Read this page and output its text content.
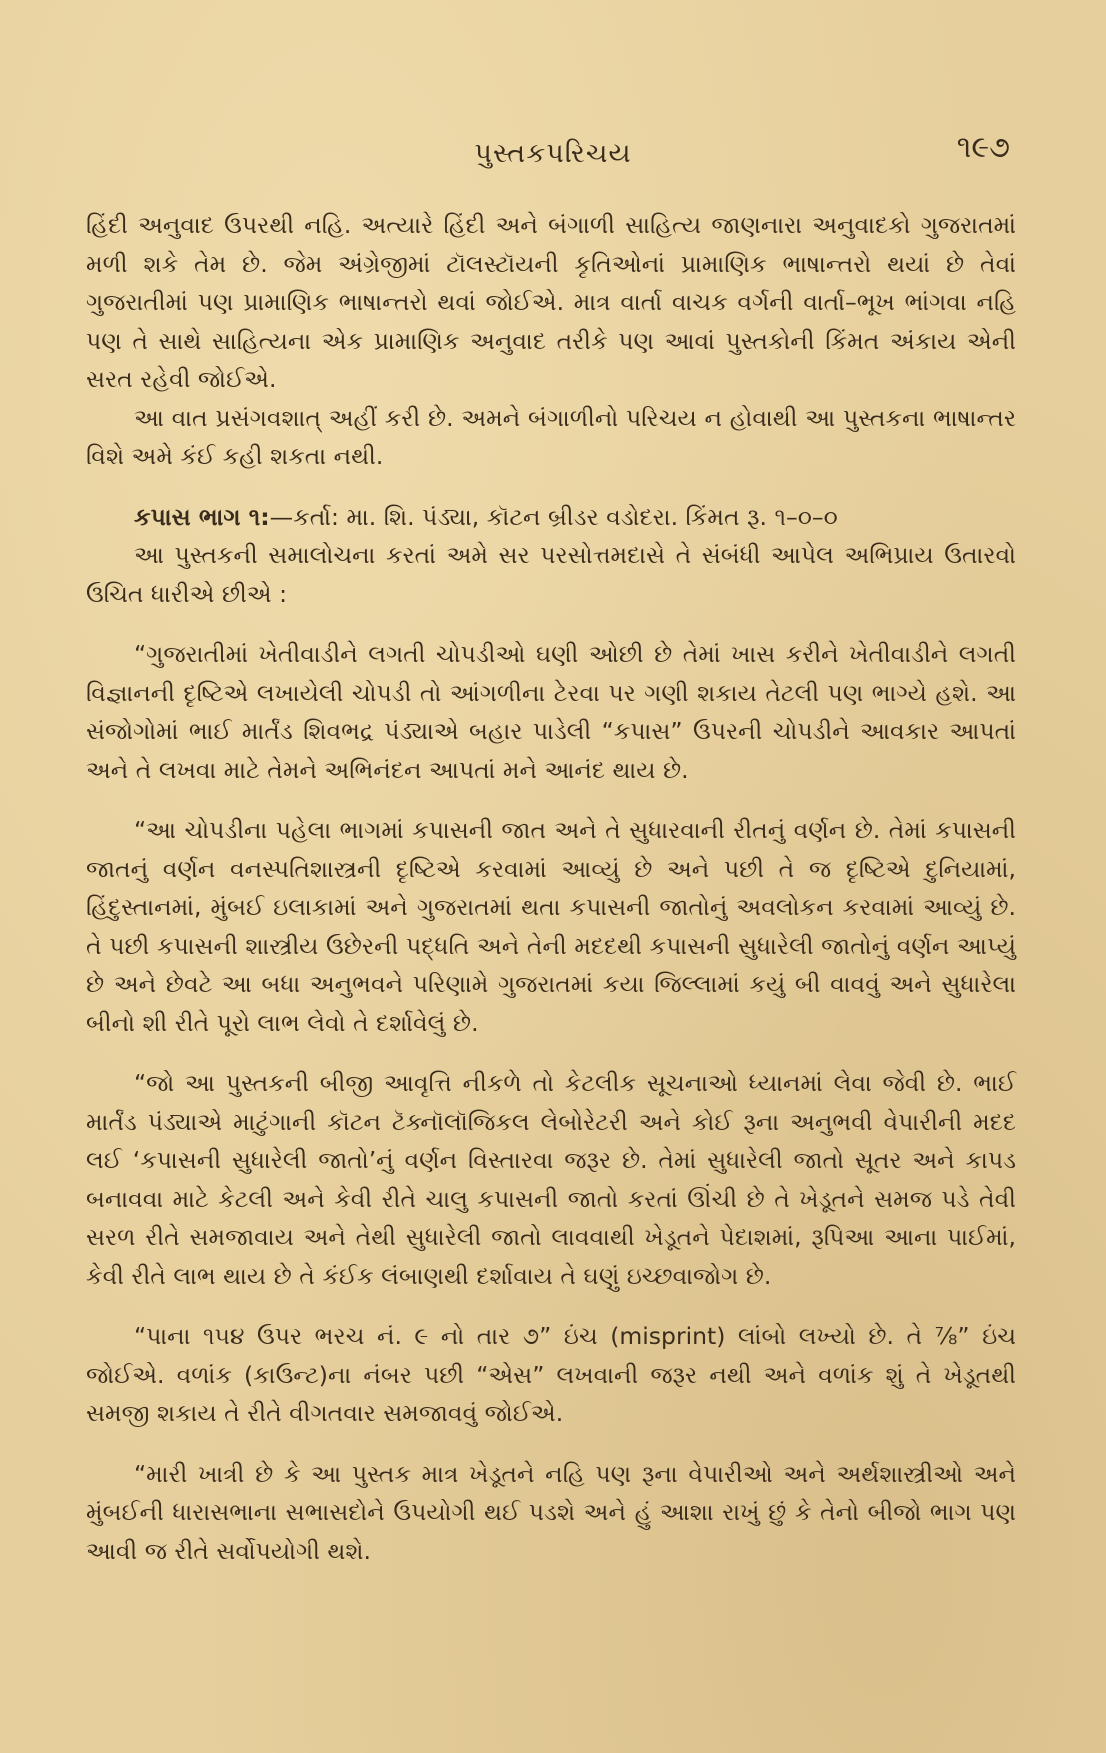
પુસ્તકપરિચય	૧૯૭

હિંદી અનુવાદ ઉપરથી નહિ. અત્યારે હિંદી અને બંગાળી સાહિત્ય જાણનારા અનુવાદકો ગુજરાતમાં મળી શકે તેમ છે. જેમ અંગ્રેજીમાં ટૉલસ્ટૉયની કૃતિઓનાં પ્રામાણિક ભાષાન્તરો થયાં છે તેવાં ગુજરાતીમાં પણ પ્રામાણિક ભાષાન્તરો થવાં જોઈએ. માત્ર વાર્તા વાચક વર્ગની વાર્તા–ભૂખ ભાંગવા નહિ પણ તે સાથે સાહિત્યના એક પ્રામાણિક અનુવાદ તરીકે પણ આવાં પુસ્તકોની કિંમત અંકાય એની સરત રહેવી જોઈએ.

આ વાત પ્રસંગવશાત્ અહીં કરી છે. અમને બંગાળીનો પરિચય ન હોવાથી આ પુસ્તકના ભાષાન્તર વિશે અમે કંઈ કહી શકતા નથી.

કપાસ ભાગ ૧:—કર્તા: મા. શિ. પંડ્યા, કૉટન બ્રીડર વડોદરા. કિંમત રૂ. ૧–૦–૦

આ પુસ્તકની સમાલોચના કરતાં અમે સર પરસોત્તમદાસે તે સંબંધી આપેલ અભિપ્રાય ઉતારવો ઉચિત ધારીએ છીએ :

“ગુજરાતીમાં ખેતીવાડીને લગતી ચોપડીઓ ઘણી ઓછી છે તેમાં ખાસ કરીને ખેતીવાડીને લગતી વિજ્ઞાનની દૃષ્ટિએ લખાયેલી ચોપડી તો આંગળીના ટેરવા પર ગણી શકાય તેટલી પણ ભાગ્યે હશે. આ સંજોગોમાં ભાઈ માર્તંડ શિવભદ્ર પંડ્યાએ બહાર પાડેલી “કપાસ” ઉપરની ચોપડીને આવકાર આપતાં અને તે લખવા માટે તેમને અભિનંદન આપતાં મને આનંદ થાય છે.

“આ ચોપડીના પહેલા ભાગમાં કપાસની જાત અને તે સુધારવાની રીતનું વર્ણન છે. તેમાં કપાસની જાતનું વર્ણન વનસ્પતિશાસ્ત્રની દૃષ્ટિએ કરવામાં આવ્યું છે અને પછી તે જ દૃષ્ટિએ દુનિયામાં, હિંદુસ્તાનમાં, મુંબઈ ઇલાકામાં અને ગુજરાતમાં થતા કપાસની જાતોનું અવલોકન કરવામાં આવ્યું છે. તે પછી કપાસની શાસ્ત્રીય ઉછેરની પદ્ધતિ અને તેની મદદથી કપાસની સુધારેલી જાતોનું વર્ણન આપ્યું છે અને છેવટે આ બધા અનુભવને પરિણામે ગુજરાતમાં કયા જિલ્લામાં કયું બી વાવવું અને સુધારેલા બીનો શી રીતે પૂરો લાભ લેવો તે દર્શાવેલું છે.

“જો આ પુસ્તકની બીજી આવૃત્તિ નીકળે તો કેટલીક સૂચનાઓ ધ્યાનમાં લેવા જેવી છે. ભાઈ માર્તંડ પંડ્યાએ માટુંગાની કૉટન ટૅક્નૉલૉજિકલ લેબોરેટરી અને કોઈ રૂના અનુભવી વેપારીની મદદ લઈ ‘કપાસની સુધારેલી જાતો’નું વર્ણન વિસ્તારવા જરૂર છે. તેમાં સુધારેલી જાતો સૂતર અને કાપડ બનાવવા માટે કેટલી અને કેવી રીતે ચાલુ કપાસની જાતો કરતાં ઊંચી છે તે ખેડૂતને સમજ પડે તેવી સરળ રીતે સમજાવાય અને તેથી સુધારેલી જાતો લાવવાથી ખેડૂતને પેદાશમાં, રૂપિઆ આના પાઈમાં, કેવી રીતે લાભ થાય છે તે કંઈક લંબાણથી દર્શાવાય તે ઘણું ઇચ્છવાજોગ છે.

“પાના ૧૫૪ ઉપર ભરચ નં. ૯ નો તાર ૭” ઇંચ (misprint) લાંબો લખ્યો છે. તે ⅞” ઇંચ જોઈએ. વળાંક (કાઉન્ટ)ના નંબર પછી “એસ” લખવાની જરૂર નથી અને વળાંક શું તે ખેડૂતથી સમજી શકાય તે રીતે વીગતવાર સમજાવવું જોઈએ.

“મારી ખાત્રી છે કે આ પુસ્તક માત્ર ખેડૂતને નહિ પણ રૂના વેપારીઓ અને અર્થશાસ્ત્રીઓ અને મુંબઈની ધારાસભાના સભાસદોને ઉપયોગી થઈ પડશે અને હું આશા રાખું છું કે તેનો બીજો ભાગ પણ આવી જ રીતે સર્વોપયોગી થશે.
